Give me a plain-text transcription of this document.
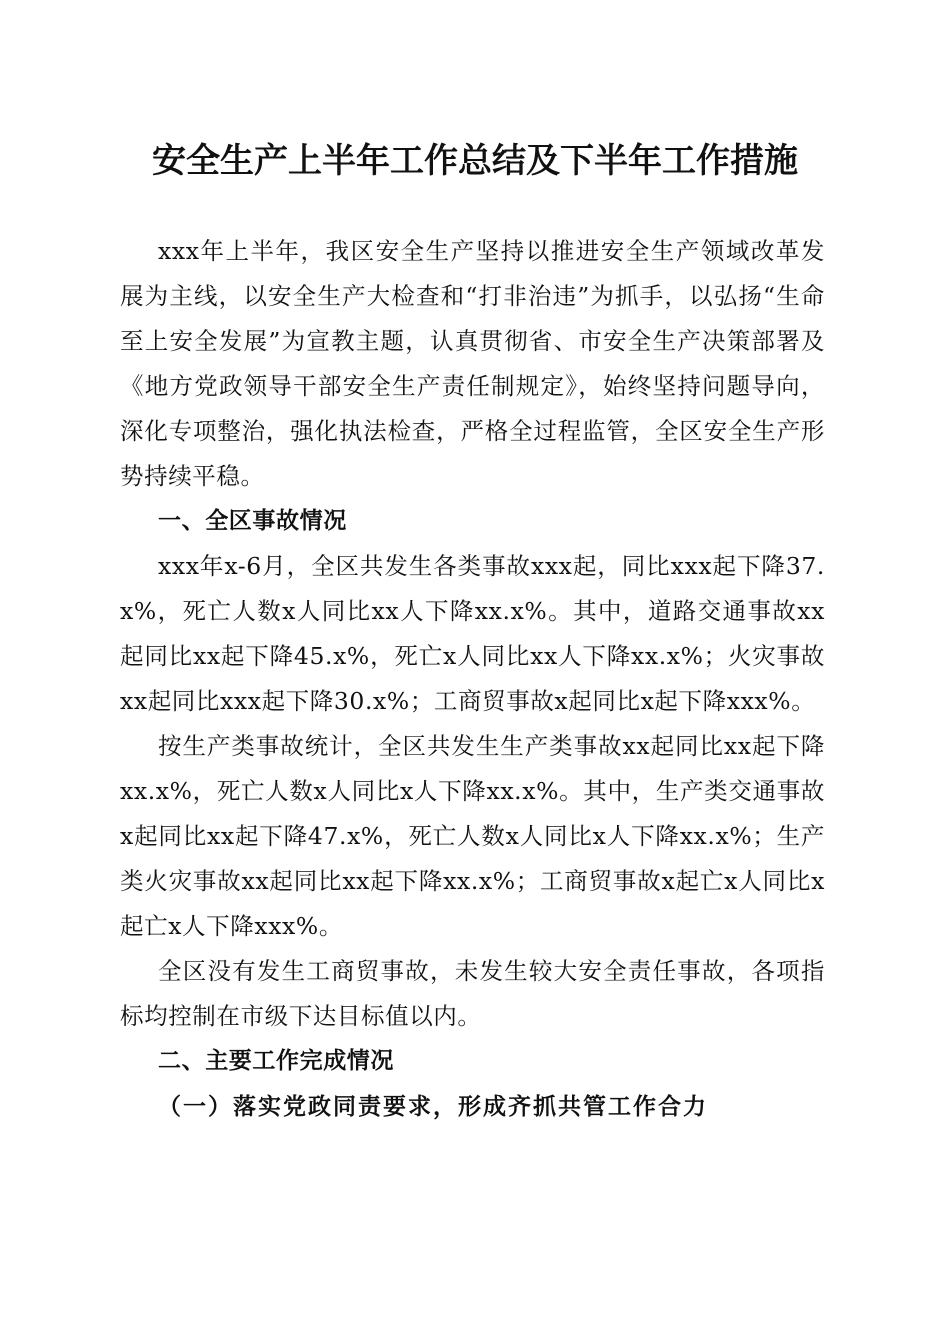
安全生产上半年工作总结及下半年工作措施

xxx年上半年，我区安全生产坚持以推进安全生产领域改革发展为主线，以安全生产大检查和“打非治违”为抓手，以弘扬“生命至上安全发展”为宣教主题，认真贯彻省、市安全生产决策部署及《地方党政领导干部安全生产责任制规定》，始终坚持问题导向，深化专项整治，强化执法检查，严格全过程监管，全区安全生产形势持续平稳。

一、全区事故情况

xxx年x-6月，全区共发生各类事故xxx起，同比xxx起下降37.x%，死亡人数x人同比xx人下降xx.x%。其中，道路交通事故xx起同比xx起下降45.x%，死亡x人同比xx人下降xx.x%；火灾事故xx起同比xxx起下降30.x%；工商贸事故x起同比x起下降xxx%。

按生产类事故统计，全区共发生生产类事故xx起同比xx起下降xx.x%，死亡人数x人同比x人下降xx.x%。其中，生产类交通事故x起同比xx起下降47.x%，死亡人数x人同比x人下降xx.x%；生产类火灾事故xx起同比xx起下降xx.x%；工商贸事故x起亡x人同比x起亡x人下降xxx%。

全区没有发生工商贸事故，未发生较大安全责任事故，各项指标均控制在市级下达目标值以内。

二、主要工作完成情况

（一）落实党政同责要求，形成齐抓共管工作合力
